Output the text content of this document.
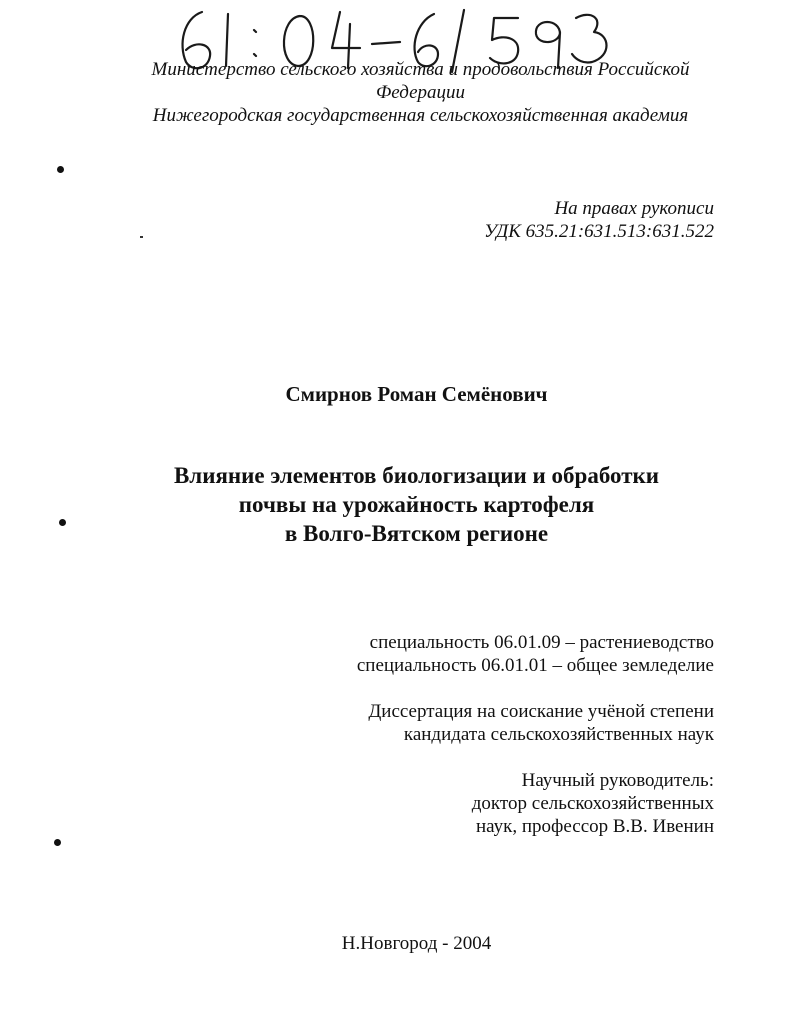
Министерство сельского хозяйства и продовольствия Российской
Федерации
Нижегородская государственная сельскохозяйственная академия
На правах рукописи
УДК 635.21:631.513:631.522
Смирнов Роман Семёнович
Влияние элементов биологизации и обработки
почвы на урожайность картофеля
в Волго-Вятском регионе
специальность 06.01.09 – растениеводство
специальность 06.01.01 – общее земледелие
Диссертация на соискание учёной степени
кандидата сельскохозяйственных наук
Научный руководитель:
доктор сельскохозяйственных
наук, профессор В.В. Ивенин
Н.Новгород - 2004
